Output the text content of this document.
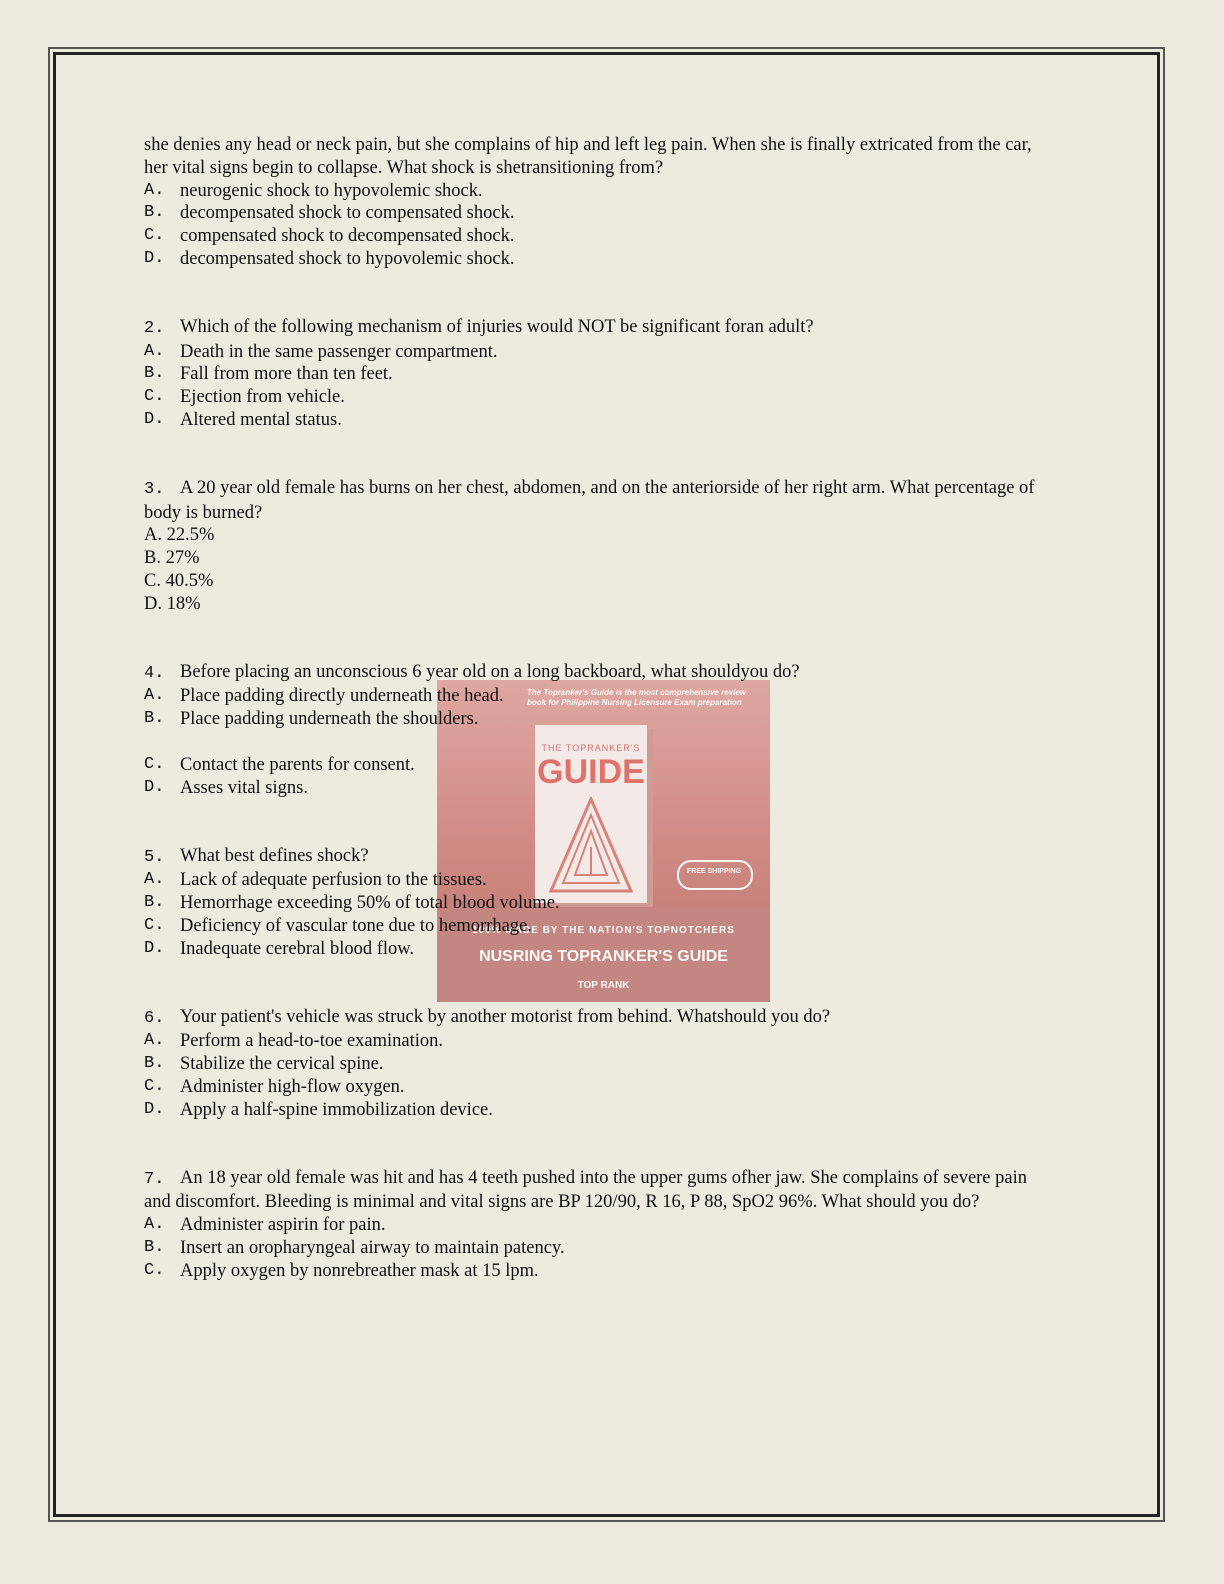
The Topranker's Guide is the most comprehensive review book for Philippine Nursing Licensure Exam preparation
THE TOPRANKER'S
GUIDE
FREE SHIPPING
100% MADE BY THE NATION'S TOPNOTCHERS
NUSRING TOPRANKER'S GUIDE
TOP RANK

she denies any head or neck pain, but she complains of hip and left leg pain. When she is finally extricated from the car, her vital signs begin to collapse. What shock is shetransitioning from?

A. neurogenic shock to hypovolemic shock.

B. decompensated shock to compensated shock.

C. compensated shock to decompensated shock.

D. decompensated shock to hypovolemic shock.

2. Which of the following mechanism of injuries would NOT be significant foran adult?

A. Death in the same passenger compartment.

B. Fall from more than ten feet.

C. Ejection from vehicle.

D. Altered mental status.

3. A 20 year old female has burns on her chest, abdomen, and on the anteriorside of her right arm. What percentage of body is burned?

A. 22.5%

B. 27%

C. 40.5%

D. 18%

4. Before placing an unconscious 6 year old on a long backboard, what shouldyou do?

A. Place padding directly underneath the head.

B. Place padding underneath the shoulders.

C. Contact the parents for consent.

D. Asses vital signs.

5. What best defines shock?

A. Lack of adequate perfusion to the tissues.

B. Hemorrhage exceeding 50% of total blood volume.

C. Deficiency of vascular tone due to hemorrhage.

D. Inadequate cerebral blood flow.

6. Your patient's vehicle was struck by another motorist from behind. Whatshould you do?

A. Perform a head-to-toe examination.

B. Stabilize the cervical spine.

C. Administer high-flow oxygen.

D. Apply a half-spine immobilization device.

7. An 18 year old female was hit and has 4 teeth pushed into the upper gums ofher jaw. She complains of severe pain and discomfort. Bleeding is minimal and vital signs are BP 120/90, R 16, P 88, SpO2 96%. What should you do?

A. Administer aspirin for pain.

B. Insert an oropharyngeal airway to maintain patency.

C. Apply oxygen by nonrebreather mask at 15 lpm.
